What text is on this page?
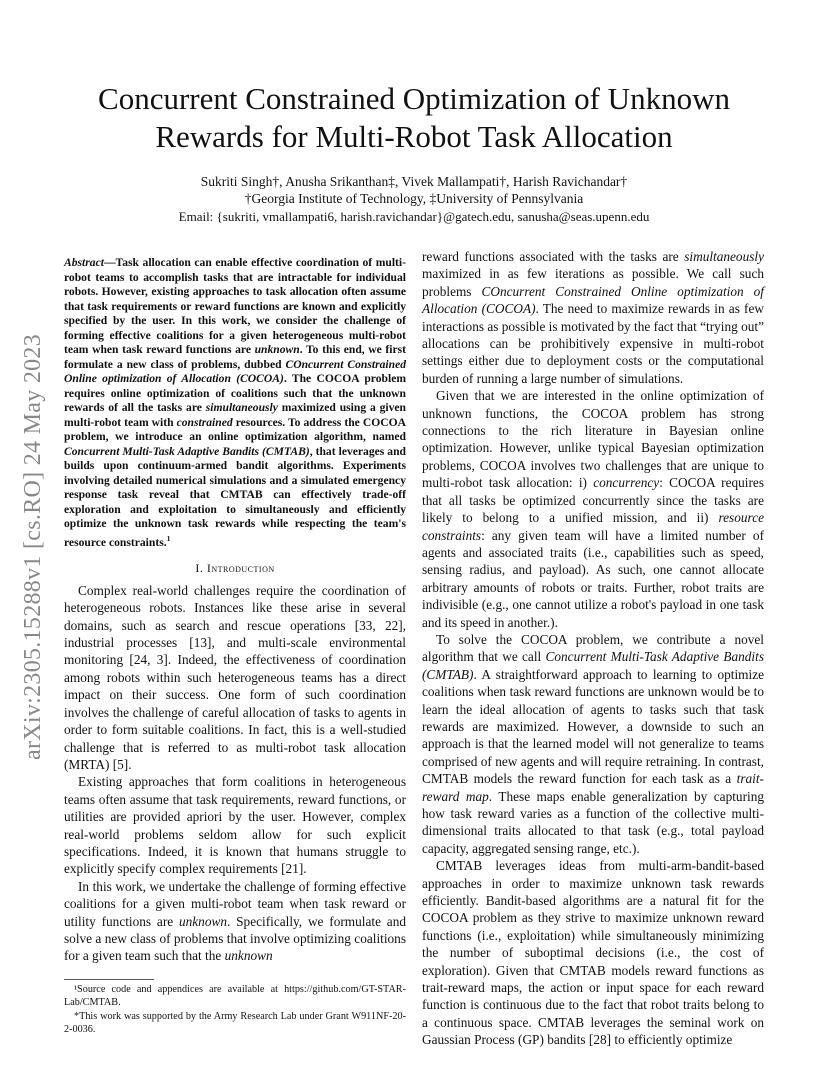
Concurrent Constrained Optimization of Unknown Rewards for Multi-Robot Task Allocation
Sukriti Singh†, Anusha Srikanthan‡, Vivek Mallampati†, Harish Ravichandar†
†Georgia Institute of Technology, ‡University of Pennsylvania
Email: {sukriti, vmallampati6, harish.ravichandar}@gatech.edu, sanusha@seas.upenn.edu
arXiv:2305.15288v1 [cs.RO] 24 May 2023

Abstract—Task allocation can enable effective coordination of multi-robot teams to accomplish tasks that are intractable for individual robots. However, existing approaches to task allocation often assume that task requirements or reward functions are known and explicitly specified by the user. In this work, we consider the challenge of forming effective coalitions for a given heterogeneous multi-robot team when task reward functions are unknown. To this end, we first formulate a new class of problems, dubbed COncurrent Constrained Online optimization of Allocation (COCOA). The COCOA problem requires online optimization of coalitions such that the unknown rewards of all the tasks are simultaneously maximized using a given multi-robot team with constrained resources. To address the COCOA problem, we introduce an online optimization algorithm, named Concurrent Multi-Task Adaptive Bandits (CMTAB), that leverages and builds upon continuum-armed bandit algorithms. Experiments involving detailed numerical simulations and a simulated emergency response task reveal that CMTAB can effectively trade-off exploration and exploitation to simultaneously and efficiently optimize the unknown task rewards while respecting the team's resource constraints.$^1$

I. Introduction

Complex real-world challenges require the coordination of heterogeneous robots. Instances like these arise in several domains, such as search and rescue operations [33, 22], industrial processes [13], and multi-scale environmental monitoring [24, 3]. Indeed, the effectiveness of coordination among robots within such heterogeneous teams has a direct impact on their success. One form of such coordination involves the challenge of careful allocation of tasks to agents in order to form suitable coalitions. In fact, this is a well-studied challenge that is referred to as multi-robot task allocation (MRTA) [5].

Existing approaches that form coalitions in heterogeneous teams often assume that task requirements, reward functions, or utilities are provided apriori by the user. However, complex real-world problems seldom allow for such explicit specifications. Indeed, it is known that humans struggle to explicitly specify complex requirements [21].

In this work, we undertake the challenge of forming effective coalitions for a given multi-robot team when task reward or utility functions are unknown. Specifically, we formulate and solve a new class of problems that involve optimizing coalitions for a given team such that the unknown

¹Source code and appendices are available at https://github.com/GT-STAR-Lab/CMTAB.

*This work was supported by the Army Research Lab under Grant W911NF-20-2-0036.

reward functions associated with the tasks are simultaneously maximized in as few iterations as possible. We call such problems COncurrent Constrained Online optimization of Allocation (COCOA). The need to maximize rewards in as few interactions as possible is motivated by the fact that “trying out” allocations can be prohibitively expensive in multi-robot settings either due to deployment costs or the computational burden of running a large number of simulations.

Given that we are interested in the online optimization of unknown functions, the COCOA problem has strong connections to the rich literature in Bayesian online optimization. However, unlike typical Bayesian optimization problems, COCOA involves two challenges that are unique to multi-robot task allocation: i) concurrency: COCOA requires that all tasks be optimized concurrently since the tasks are likely to belong to a unified mission, and ii) resource constraints: any given team will have a limited number of agents and associated traits (i.e., capabilities such as speed, sensing radius, and payload). As such, one cannot allocate arbitrary amounts of robots or traits. Further, robot traits are indivisible (e.g., one cannot utilize a robot's payload in one task and its speed in another.).

To solve the COCOA problem, we contribute a novel algorithm that we call Concurrent Multi-Task Adaptive Bandits (CMTAB). A straightforward approach to learning to optimize coalitions when task reward functions are unknown would be to learn the ideal allocation of agents to tasks such that task rewards are maximized. However, a downside to such an approach is that the learned model will not generalize to teams comprised of new agents and will require retraining. In contrast, CMTAB models the reward function for each task as a trait-reward map. These maps enable generalization by capturing how task reward varies as a function of the collective multi-dimensional traits allocated to that task (e.g., total payload capacity, aggregated sensing range, etc.).

CMTAB leverages ideas from multi-arm-bandit-based approaches in order to maximize unknown task rewards efficiently. Bandit-based algorithms are a natural fit for the COCOA problem as they strive to maximize unknown reward functions (i.e., exploitation) while simultaneously minimizing the number of suboptimal decisions (i.e., the cost of exploration). Given that CMTAB models reward functions as trait-reward maps, the action or input space for each reward function is continuous due to the fact that robot traits belong to a continuous space. CMTAB leverages the seminal work on Gaussian Process (GP) bandits [28] to efficiently optimize
